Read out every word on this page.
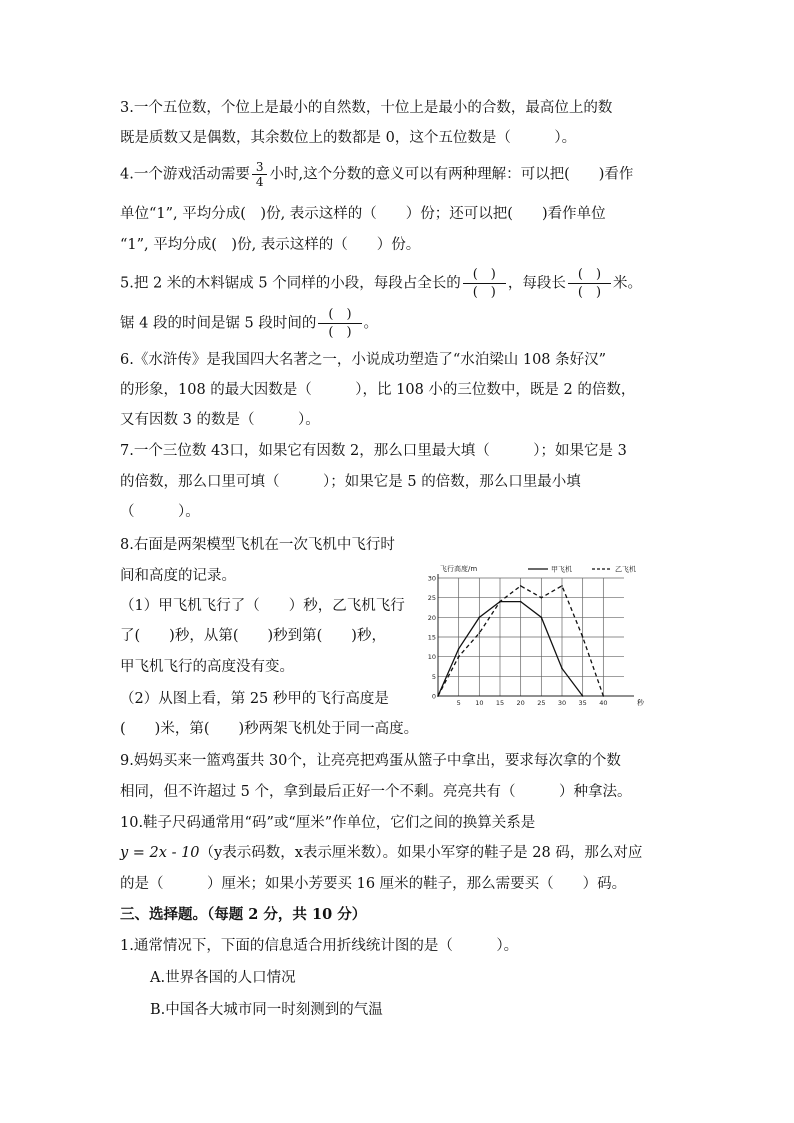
3.一个五位数，个位上是最小的自然数，十位上是最小的合数，最高位上的数
既是质数又是偶数，其余数位上的数都是 0，这个五位数是（　　　）。
4.一个游戏活动需要 $\frac{3}{4}$ 小时,这个分数的意义可以有两种理解：可以把(　　)看作
单位“1”, 平均分成(　)份, 表示这样的（　　）份；还可以把(　　)看作单位
“1”, 平均分成(　)份, 表示这样的（　　）份。
5.把 2 米的木料锯成 5 个同样的小段，每段占全长的 $\frac{( )}{( )}$ ，每段长 $\frac{( )}{( )}$ 米。
锯 4 段的时间是锯 5 段时间的 $\frac{( )}{( )}$ 。
6.《水浒传》是我国四大名著之一，小说成功塑造了“水泊梁山 108 条好汉”
的形象，108 的最大因数是（　　　），比 108 小的三位数中，既是 2 的倍数，
又有因数 3 的数是（　　　）。
7.一个三位数 43口，如果它有因数 2，那么口里最大填（　　　）；如果它是 3
的倍数，那么口里可填（　　　）；如果它是 5 的倍数，那么口里最小填
（　　　）。
8.右面是两架模型飞机在一次飞机中飞行时
间和高度的记录。
（1）甲飞机飞行了（　　）秒，乙飞机飞行
了(　　)秒，从第(　　)秒到第(　　)秒，
甲飞机飞行的高度没有变。
（2）从图上看，第 25 秒甲的飞行高度是
(　　)米，第(　　)秒两架飞机处于同一高度。
0
5
10
15
20
25
30
5 10 15 20 25 30 35 40
飞行高度/m
秒
甲飞机	乙飞机
9.妈妈买来一篮鸡蛋共 30个，让亮亮把鸡蛋从篮子中拿出，要求每次拿的个数
相同，但不许超过 5 个，拿到最后正好一个不剩。亮亮共有（　　　）种拿法。
10.鞋子尺码通常用“码”或“厘米”作单位，它们之间的换算关系是
y = 2x - 10（y表示码数，x表示厘米数）。如果小军穿的鞋子是 28 码，那么对应
的是（　　　）厘米；如果小芳要买 16 厘米的鞋子，那么需要买（　　）码。
三、选择题。（每题 2 分，共 10 分）
1.通常情况下，下面的信息适合用折线统计图的是（　　　）。
A.世界各国的人口情况
B.中国各大城市同一时刻测到的气温
